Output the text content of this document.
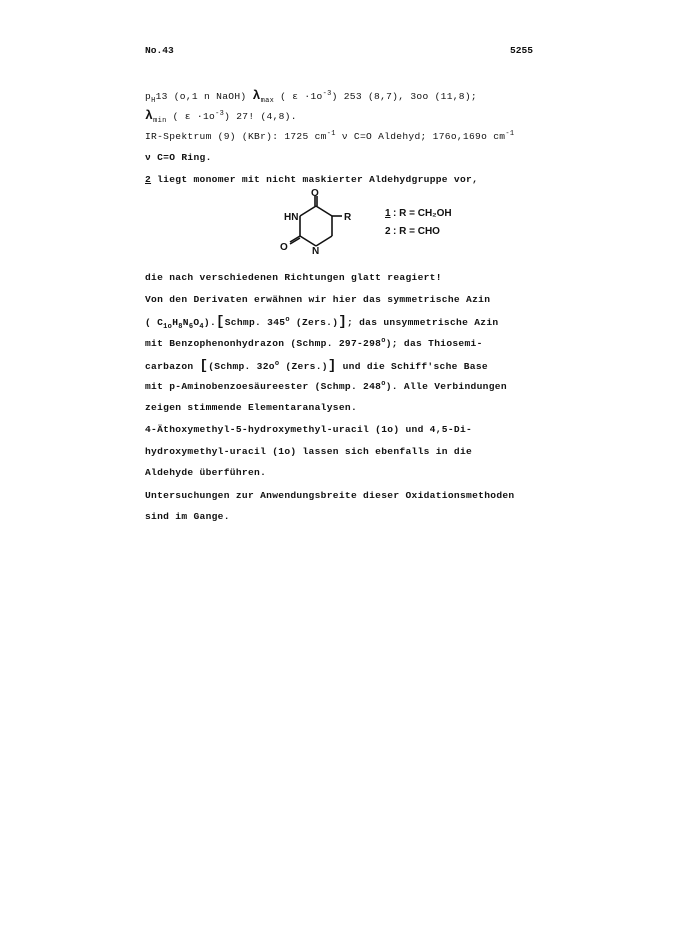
No.43	5255
$p_H13$ (o,1 n NaOH) $\lambda_{max}$ ( $\varepsilon \cdot 1o^{-3}$) 253 (8,7), 3oo (11,8);
$\lambda_{min}$ ( $\varepsilon \cdot 1o^{-3}$) 27! (4,8).
IR-Spektrum (9) (KBr): 1725 $cm^{-1}$ ν C=O Aldehyd; 176o,169o $cm^{-1}$
ν C=O Ring.
2 liegt monomer mit nicht maskierter Aldehydgruppe vor,
O
HN	R
O N
1 : R = CH₂OH
2 : R = CHO
die nach verschiedenen Richtungen glatt reagiert!
Von den Derivaten erwähnen wir hier das symmetrische Azin
( $C_{1o}H_8N_6O_4).[Schmp$. 345$^o$ (Zers.)]; das unsymmetrische Azin
mit Benzophenonhydrazon (Schmp. 297-298$^o$); das Thiosemi-
carbazon [(Schmp. $32o^o$ (Zers.)] und die Schiff'sche Base
mit p-Aminobenzoesäureester (Schmp. 248$^o$). Alle Verbindungen
zeigen stimmende Elementaranalysen.
4-Äthoxymethyl-5-hydroxymethyl-uracil (1o) und 4,5-Di-
hydroxymethyl-uracil (1o) lassen sich ebenfalls in die
Aldehyde überführen.
Untersuchungen zur Anwendungsbreite dieser Oxidationsmethoden
sind im Gange.
